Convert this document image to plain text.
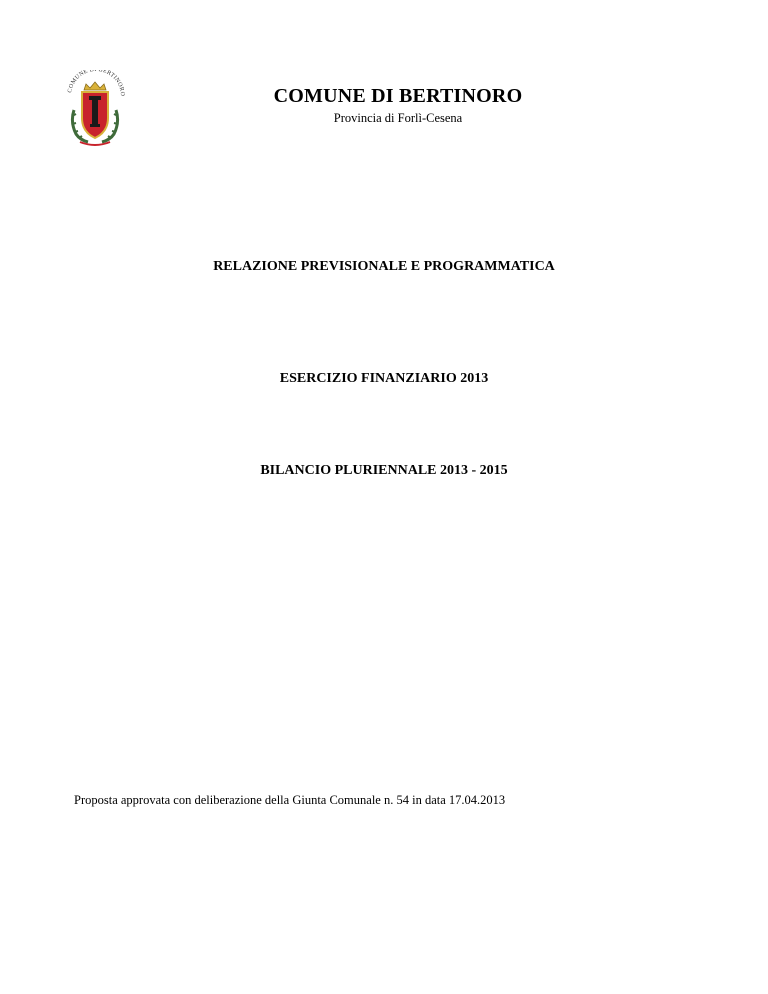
COMUNE DI BERTINORO	COMUNE DI BERTINORO
Provincia di Forlì-Cesena
RELAZIONE PREVISIONALE E PROGRAMMATICA
ESERCIZIO FINANZIARIO 2013
BILANCIO PLURIENNALE 2013 - 2015
Proposta approvata con deliberazione della Giunta Comunale n. 54 in data 17.04.2013
